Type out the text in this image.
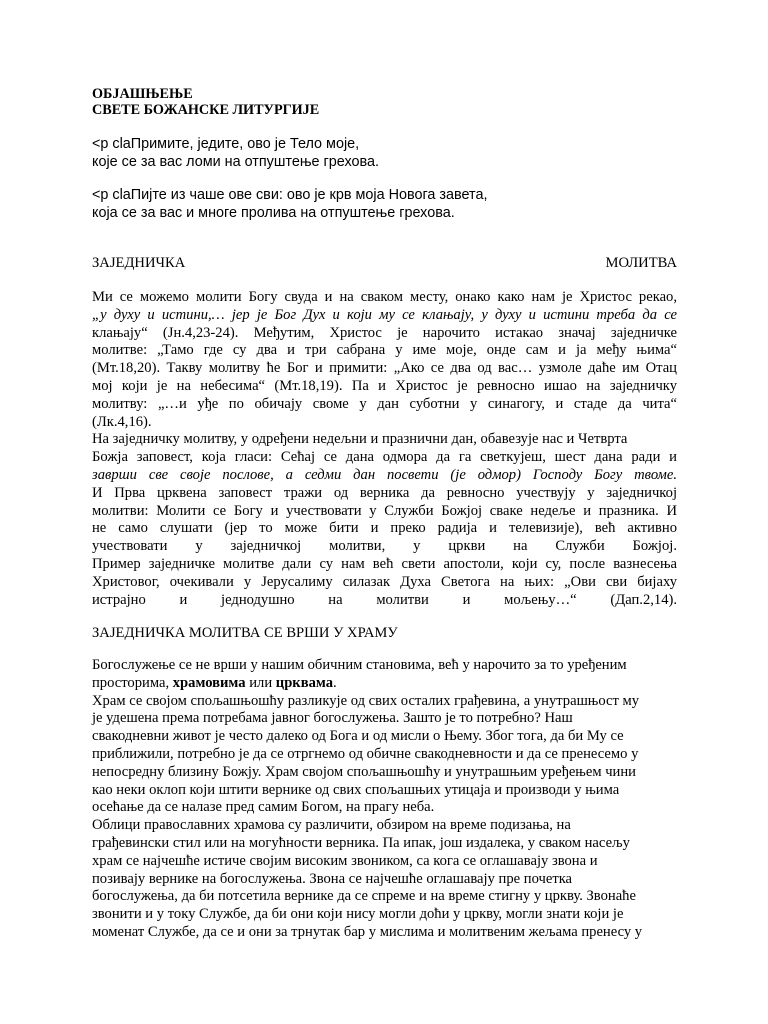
ОБЈАШЊЕЊЕ
СВЕТЕ БОЖАНСКЕ ЛИТУРГИЈЕ
<p claПримите, једите, ово је Тело моје,
које се за вас ломи на отпуштење грехова.
<p claПијте из чаше ове сви: ово је крв моја Новога завета,
која се за вас и многе пролива на отпуштење грехова.
ЗАЈЕДНИЧКА	МОЛИТВА
Ми се можемо молити Богу свуда и на сваком месту, онако како нам је Христос рекао,
„у духу и истини,… јер је Бог Дух и који му се клањају, у духу и истини треба да се
клањају“ (Јн.4,23-24). Међутим, Христос је нарочито истакао значај заједничке
молитве: „Тамо где су два и три сабрана у име моје, онде сам и ја међу њима“
(Мт.18,20). Такву молитву ће Бог и примити: „Ако се два од вас… узмоле даће им Отац
мој који је на небесима“ (Мт.18,19). Па и Христос је ревносно ишао на заједничку
молитву: „…и уђе по обичају своме у дан суботни у синагогу, и стаде да чита“
(Лк.4,16).
На заједничку молитву, у одређени недељни и празнични дан, обавезује нас и Четврта
Божја заповест, која гласи: Сећај се дана одмора да га светкујеш, шест дана ради и
заврши све своје послове, а седми дан посвети (је одмор) Господу Богу твоме.
И Прва црквена заповест тражи од верника да ревносно учествују у заједничкој
молитви: Молити се Богу и учествовати у Служби Божјој сваке недеље и празника. И
не само слушати (јер то може бити и преко радија и телевизије), већ активно
учествовати у заједничкој молитви, у цркви на Служби Божјој.
Пример заједничке молитве дали су нам већ свети апостоли, који су, после вазнесења
Христовог, очекивали у Јерусалиму силазак Духа Светога на њих: „Ови сви бијаху
истрајно и једнодушно на молитви и мољењу…“ (Дап.2,14).
ЗАЈЕДНИЧКА МОЛИТВА СЕ ВРШИ У ХРАМУ
Богослужење се не врши у нашим обичним становима, већ у нарочито за то уређеним
просторима, храмовима или црквама.
Храм се својом спољашњошћу разликује од свих осталих грађевина, а унутрашњост му
је удешена према потребама јавног богослужења. Зашто је то потребно? Наш
свакодневни живот је често далеко од Бога и од мисли о Њему. Због тога, да би Му се
приближили, потребно је да се отргнемо од обичне свакодневности и да се пренесемо у
непосредну близину Божју. Храм својом спољашњошћу и унутрашњим уређењем чини
као неки оклоп који штити вернике од свих спољашњих утицаја и производи у њима
осећање да се налазе пред самим Богом, на прагу неба.
Облици православних храмова су различити, обзиром на време подизања, на
грађевински стил или на могућности верника. Па ипак, још издалека, у сваком насељу
храм се најчешће истиче својим високим звоником, са кога се оглашавају звона и
позивају вернике на богослужења. Звона се најчешће оглашавају пре почетка
богослужења, да би потсетила вернике да се спреме и на време стигну у цркву. Звонаће
звонити и у току Службе, да би они који нису могли доћи у цркву, могли знати који је
моменат Службе, да се и они за трнутак бар у мислима и молитвеним жељама пренесу у
